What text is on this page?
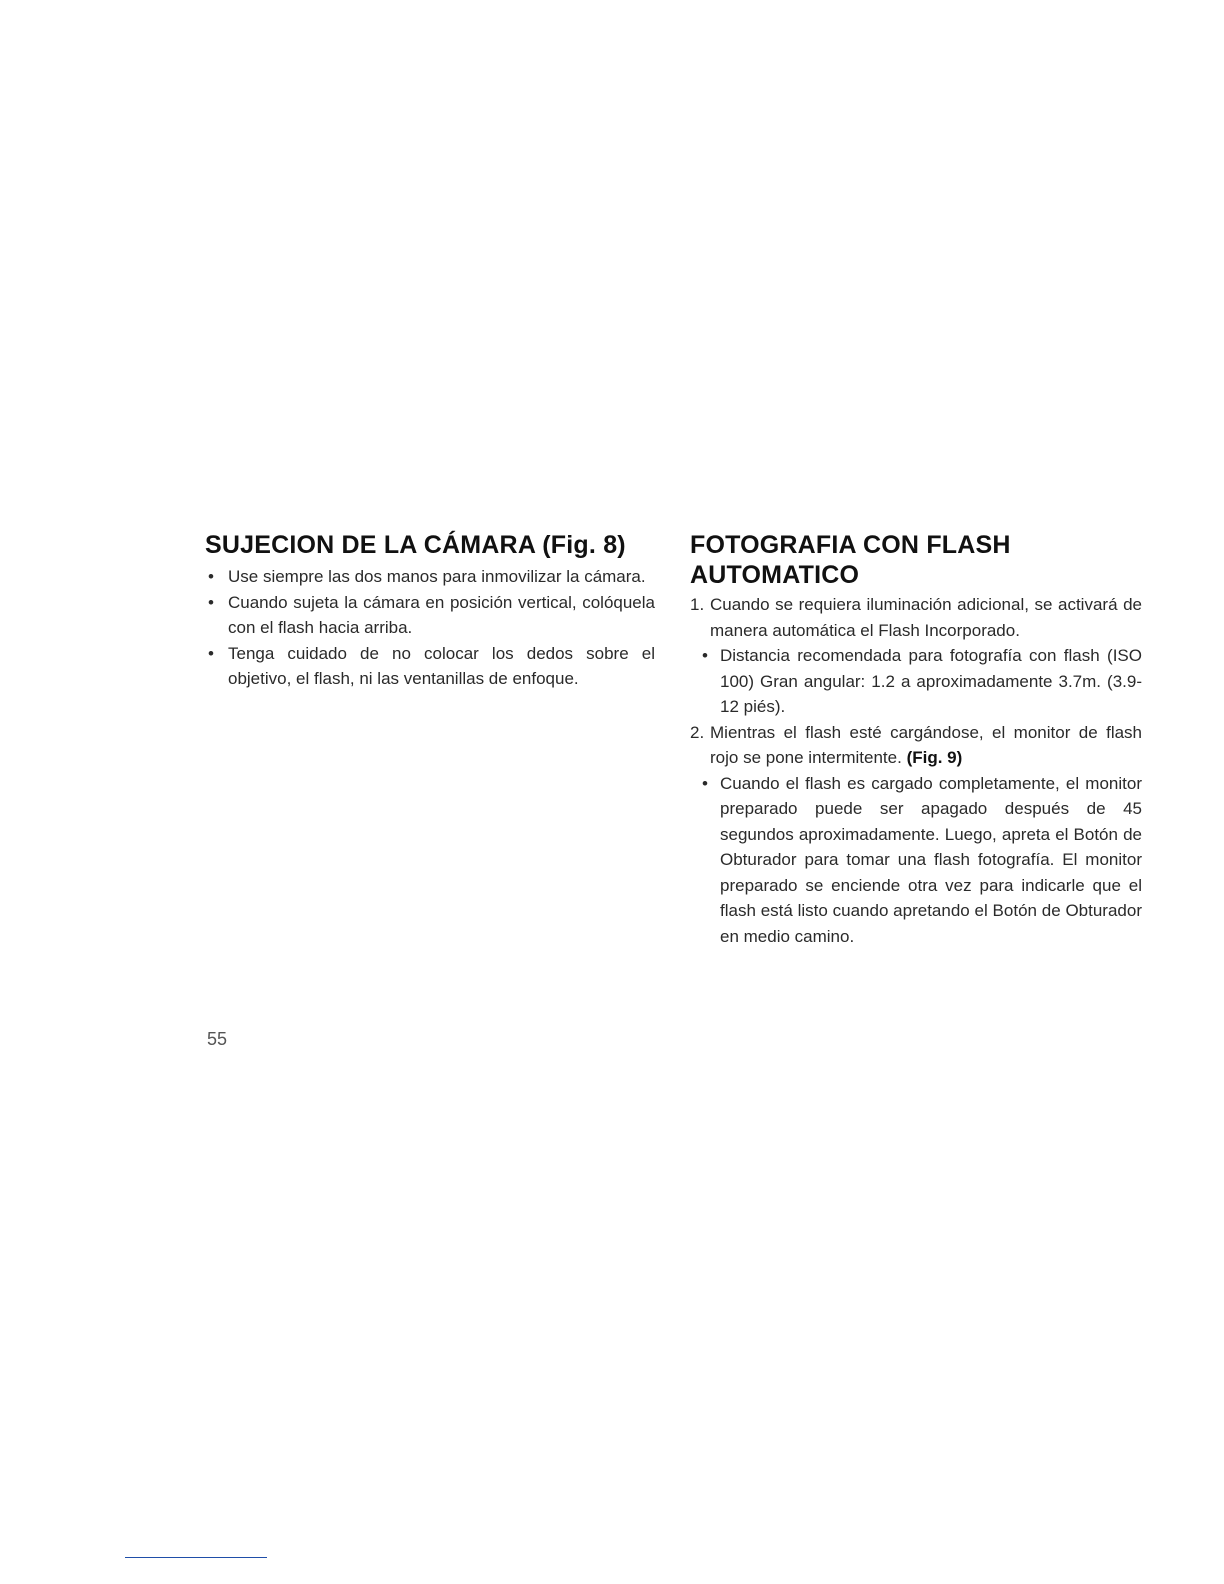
SUJECION DE LA CÁMARA (Fig. 8)
• Use siempre las dos manos para inmovilizar la cámara.
• Cuando sujeta la cámara en posición vertical, colóquela con el flash hacia arriba.
• Tenga cuidado de no colocar los dedos sobre el objetivo, el flash, ni las ventanillas de enfoque.
FOTOGRAFIA CON FLASH AUTOMATICO
1. Cuando se requiera iluminación adicional, se activará de manera automática el Flash Incorporado.
• Distancia recomendada para fotografía con flash (ISO 100) Gran angular: 1.2 a aproximadamente 3.7m. (3.9-12 piés).
2. Mientras el flash esté cargándose, el monitor de flash rojo se pone intermitente. (Fig. 9)
• Cuando el flash es cargado completamente, el monitor preparado puede ser apagado después de 45 segundos aproximadamente. Luego, apreta el Botón de Obturador para tomar una flash fotografía. El monitor preparado se enciende otra vez para indicarle que el flash está listo cuando apretando el Botón de Obturador en medio camino.
55
